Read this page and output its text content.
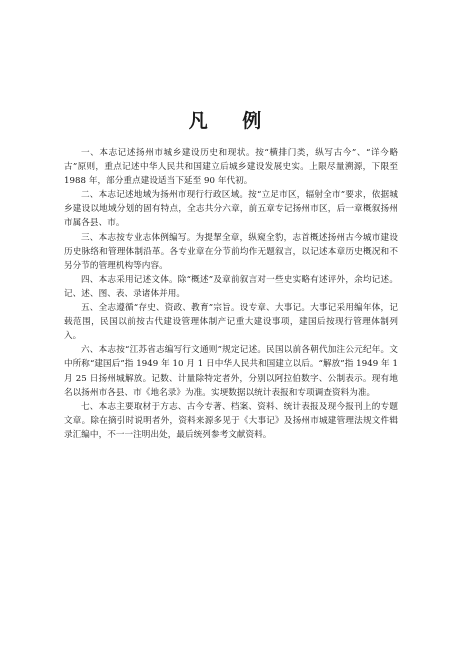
凡 例

一、本志记述扬州市城乡建设历史和现状。按“横排门类，纵写古今”、“详今略古”原则，重点记述中华人民共和国建立后城乡建设发展史实。上限尽量溯源，下限至 1988 年，部分重点建设适当下延至 90 年代初。

二、本志记述地域为扬州市现行行政区域。按“立足市区，辐射全市”要求，依据城乡建设以地域分划的固有特点，全志共分六章，前五章专记扬州市区，后一章概叙扬州市属各县、市。

三、本志按专业志体例编写。为提挈全章，纵窥全豹，志首概述扬州古今城市建设历史脉络和管理体制沿革。各专业章在分节前均作无题叙言，以记述本章历史概况和不另分节的管理机构等内容。

四、本志采用记述文体。除“概述”及章前叙言对一些史实略有述评外，余均记述。记、述、图、表、录诸体并用。

五、全志遵循“存史、资政、教育”宗旨。设专章、大事记。大事记采用编年体，记载范围，民国以前按古代建设管理体制产记重大建设事项，建国后按现行管理体制列入。

六、本志按“江苏省志编写行文通则”规定记述。民国以前各朝代加注公元纪年。文中所称“建国后”指 1949 年 10 月 1 日中华人民共和国建立以后。“解放”指 1949 年 1 月 25 日扬州城解放。记数、计量除特定者外，分别以阿拉伯数字、公制表示。现有地名以扬州市各县、市《地名录》为准。实埂数据以统计表报和专项调查资料为准。

七、本志主要取材于方志、古今专著、档案、资料、统计表报及现今报刊上的专题文章。除在摘引时说明者外，资料来源多见于《大事记》及扬州市城建管理法规文件辑录汇编中，不一一注明出处，最后统列参考文献资料。
